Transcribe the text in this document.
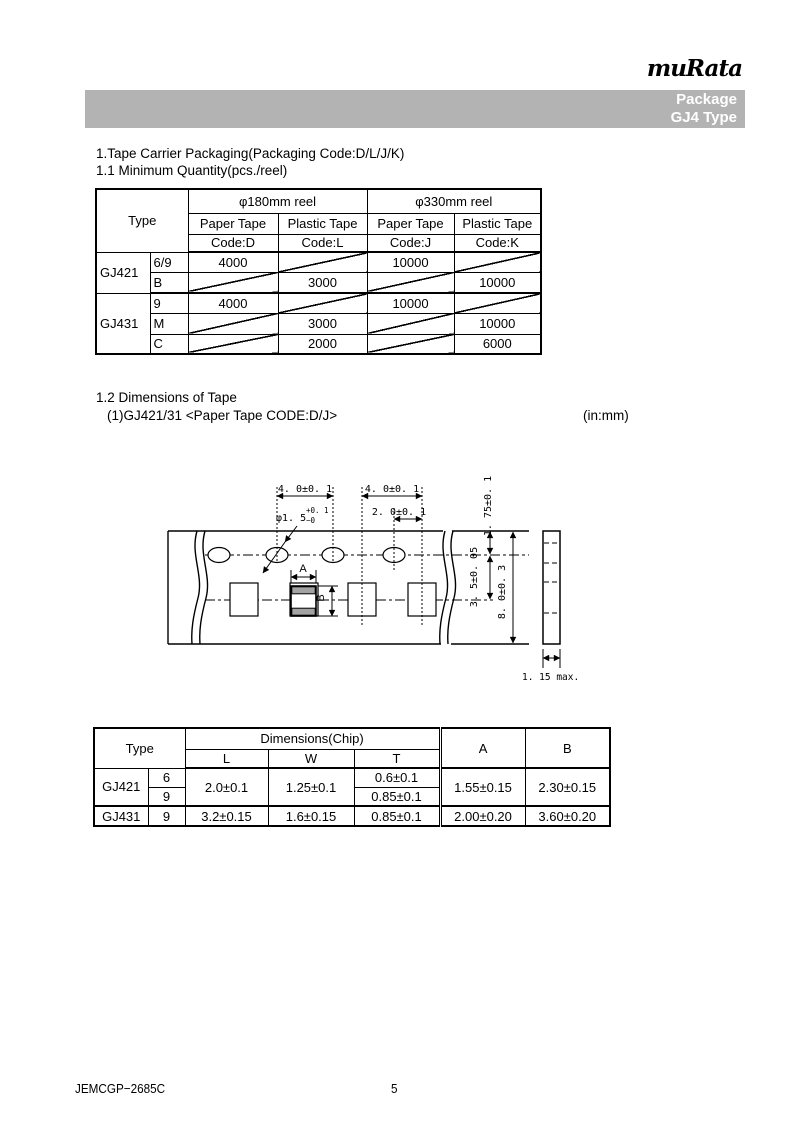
muRata
Package
GJ4 Type
1.Tape Carrier Packaging(Packaging Code:D/L/J/K)
1.1 Minimum Quantity(pcs./reel)
Type		φ180mm reel		φ330mm reel	
		Paper Tape	Plastic Tape	Paper Tape	Plastic Tape
		Code:D	Code:L	Code:J	Code:K
GJ421	6/9	4000		10000	
	B		3000		10000
GJ431	9	4000		10000	
	M		3000		10000
	C		2000		6000
1.2 Dimensions of Tape
(1)GJ421/31 <Paper Tape CODE:D/J>	(in:mm)
4. 0±0. 1	4. 0±0. 1
2. 0±0. 1
φ1. 5
+0. 1
−0
A
B
1. 75±0. 1
3. 5±0. 05 8. 0±0. 3
1. 15 max.
Type		Dimensions(Chip)			A	B
		L	W	T		
GJ421	6	2.0±0.1	1.25±0.1	0.6±0.1	1.55±0.15	2.30±0.15
	9			0.85±0.1		
GJ431	9	3.2±0.15	1.6±0.15	0.85±0.1	2.00±0.20	3.60±0.20
JEMCGP−2685C	5
